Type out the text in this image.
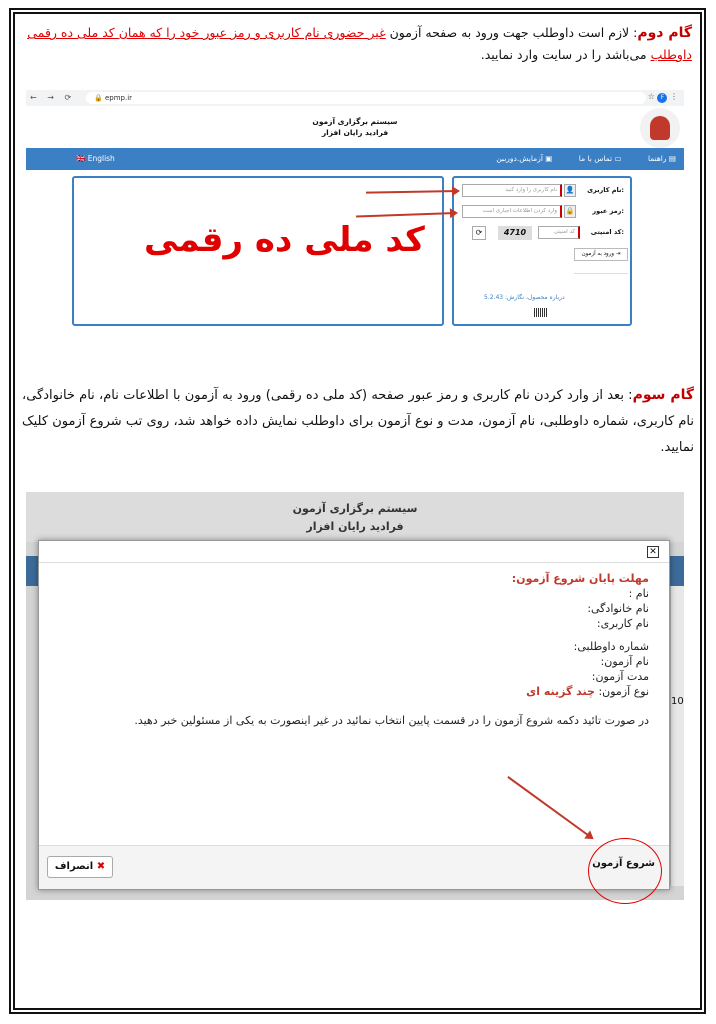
گام دوم: لازم است داوطلب جهت ورود به صفحه آزمون غیر حضوری نام کاربری و رمز عبور خود را که همان کد ملی ده رقمی داوطلب می‌باشد را در سایت وارد نمایید.
← → ⟳	🔒 epmp.ir	☆ F ⋮
سیستم برگزاری آزمون
فرادید رایان افزار
🇬🇧 English	▤ راهنما ▭ تماس با ما ▣ آزمایش.دورببن
کد ملی ده رقمی
نام کاربری:
👤
نام کاربری را وارد کنید
رمز عبور:
🔒
وارد کردن اطلاعات اجباری است
کد امنیتی:
کد امنیتی
4710
⟳
⇥ ورود به آزمون
درباره محصول، نگارش: 5.2.43
گام سوم: بعد از وارد کردن نام کاربری و رمز عبور صفحه (کد ملی ده رقمی) ورود به آزمون با اطلاعات نام، نام خانوادگی، نام کاربری، شماره داوطلبی، نام آزمون، مدت و نوع آزمون برای داوطلب نمایش داده خواهد شد، روی تب شروع آزمون کلیک نمایید.
سیستم برگزاری آزمون
فرادید رایان افزار
10
✕
مهلت پایان شروع آزمون:
نام :
نام خانوادگی:
نام کاربری:
شماره داوطلبی:
نام آزمون:
مدت آزمون:
نوع آزمون: چند گزینه ای
در صورت تائید دکمه شروع آزمون را در قسمت پایین انتخاب نمائید در غیر اینصورت به یکی از مسئولین خبر دهید.
✖ انصراف	شروع آزمون
